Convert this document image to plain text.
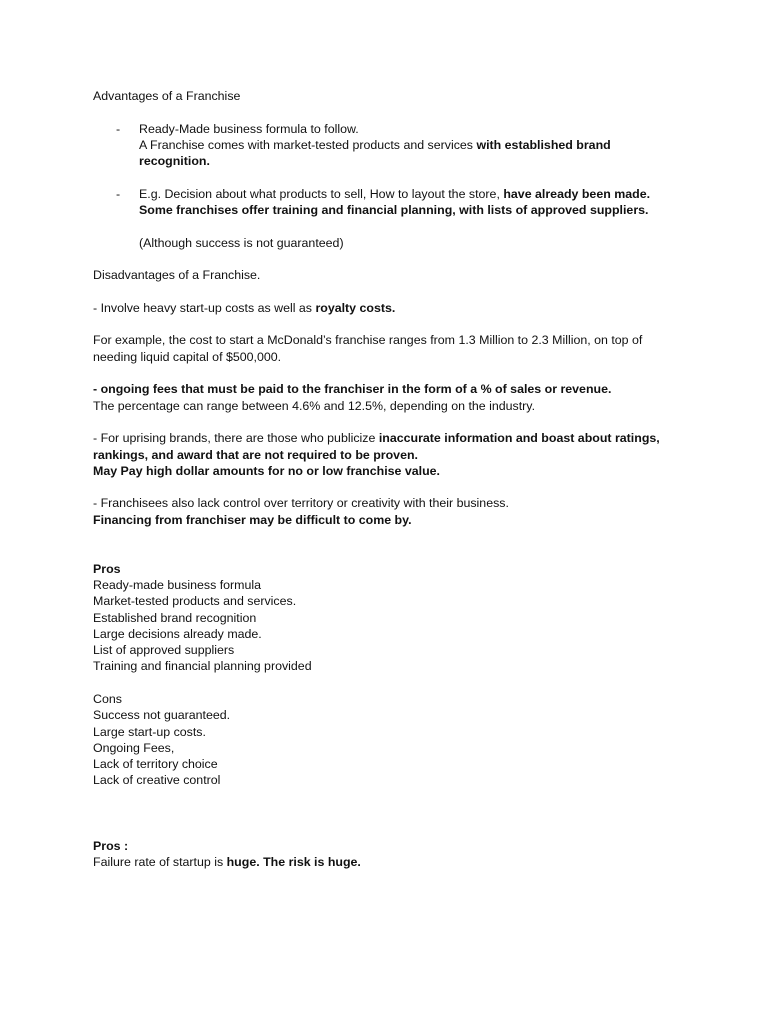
Advantages of a Franchise

- Ready-Made business formula to follow.

A Franchise comes with market-tested products and services with established brand recognition.

- E.g. Decision about what products to sell, How to layout the store, have already been made. Some franchises offer training and financial planning, with lists of approved suppliers.

(Although success is not guaranteed)

Disadvantages of a Franchise.

- Involve heavy start-up costs as well as royalty costs.

For example, the cost to start a McDonald’s franchise ranges from 1.3 Million to 2.3 Million, on top of needing liquid capital of $500,000.

- ongoing fees that must be paid to the franchiser in the form of a % of sales or revenue.

The percentage can range between 4.6% and 12.5%, depending on the industry.

- For uprising brands, there are those who publicize inaccurate information and boast about ratings, rankings, and award that are not required to be proven.

May Pay high dollar amounts for no or low franchise value.

- Franchisees also lack control over territory or creativity with their business.

Financing from franchiser may be difficult to come by.

Pros

Ready-made business formula

Market-tested products and services.

Established brand recognition

Large decisions already made.

List of approved suppliers

Training and financial planning provided

Cons

Success not guaranteed.

Large start-up costs.

Ongoing Fees,

Lack of territory choice

Lack of creative control

Pros :

Failure rate of startup is huge. The risk is huge.
